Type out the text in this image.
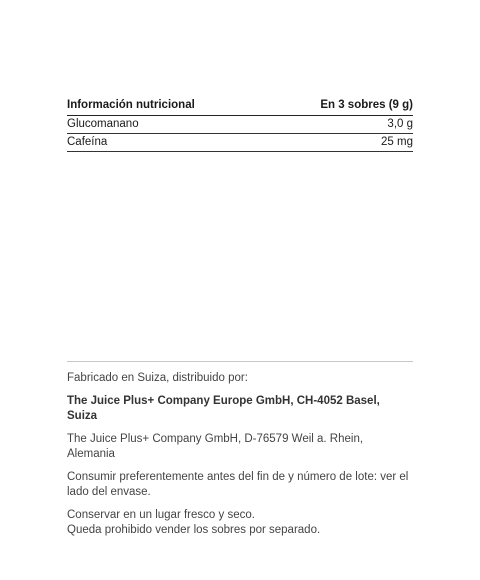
Información nutricional	En 3 sobres (9 g)
Glucomanano	3,0 g
Cafeína	25 mg

Fabricado en Suiza, distribuido por:

The Juice Plus+ Company Europe GmbH, CH-4052 Basel, Suiza

The Juice Plus+ Company GmbH, D-76579 Weil a. Rhein, Alemania

Consumir preferentemente antes del fin de y número de lote: ver el lado del envase.

Conservar en un lugar fresco y seco.

Queda prohibido vender los sobres por separado.
